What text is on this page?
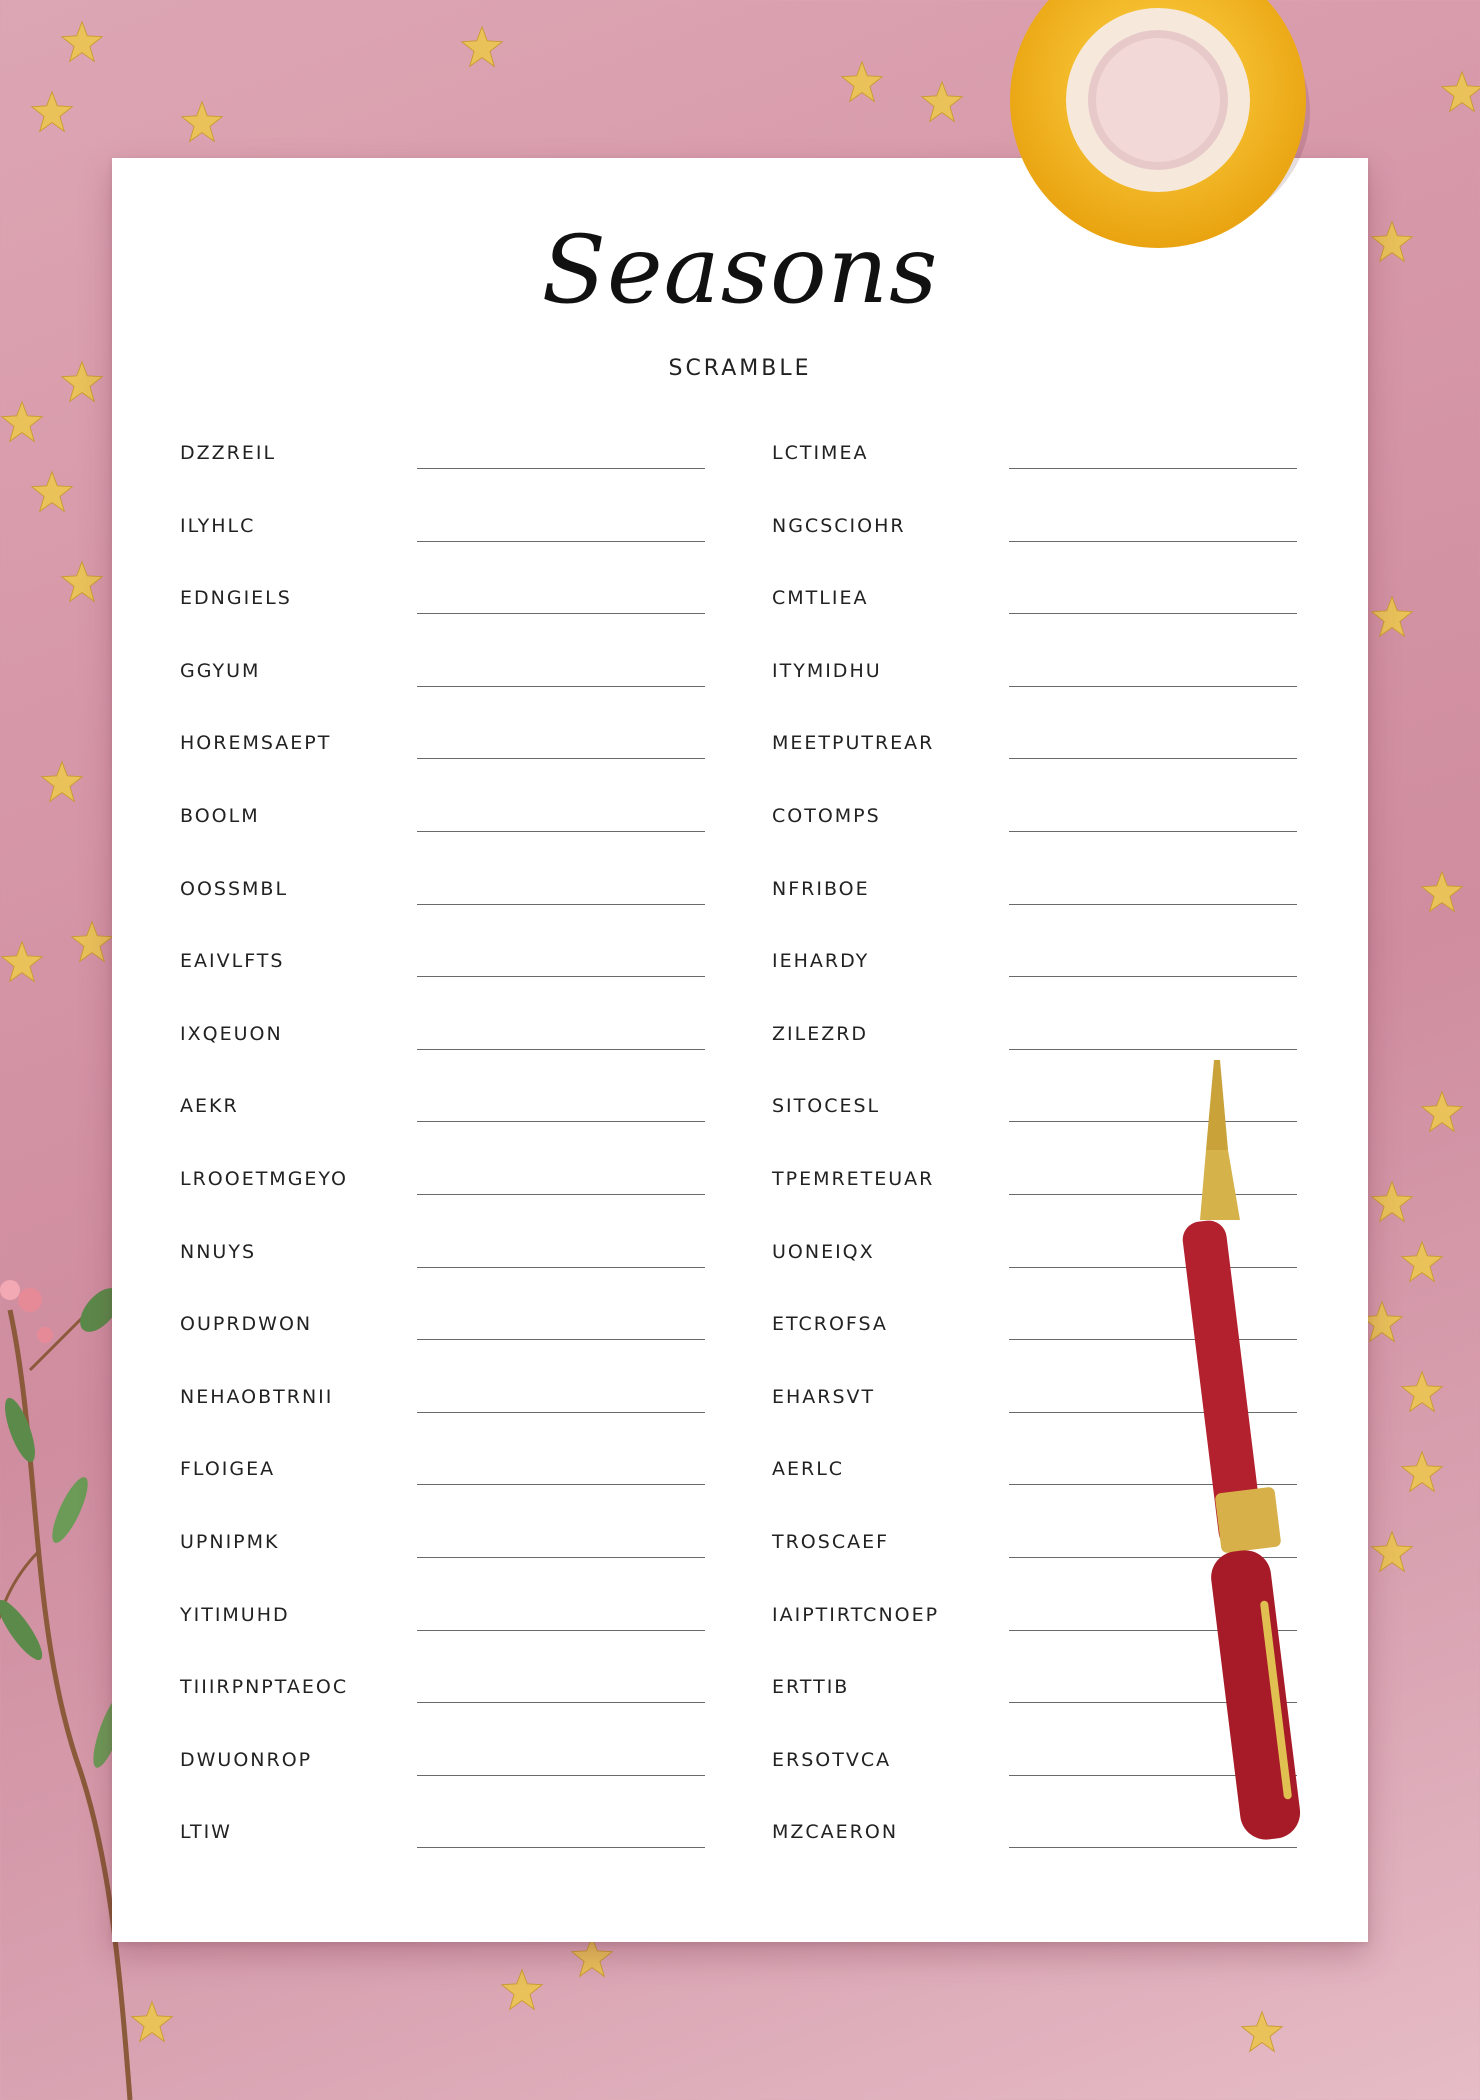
Seasons
SCRAMBLE
DZZREIL
ILYHLC
EDNGIELS
GGYUM
HOREMSAEPT
BOOLM
OOSSMBL
EAIVLFTS
IXQEUON
AEKR
LROOETMGEYO
NNUYS
OUPRDWON
NEHAOBTRNII
FLOIGEA
UPNIPMK
YITIMUHD
TIIIRPNPTAEOC
DWUONROP
LTIW
LCTIMEA
NGCSCIOHR
CMTLIEA
ITYMIDHU
MEETPUTREAR
COTOMPS
NFRIBOE
IEHARDY
ZILEZRD
SITOCESL
TPEMRETEUAR
UONEIQX
ETCROFSA
EHARSVT
AERLC
TROSCAEF
IAIPTIRTCNOEP
ERTTIB
ERSOTVCA
MZCAERON
